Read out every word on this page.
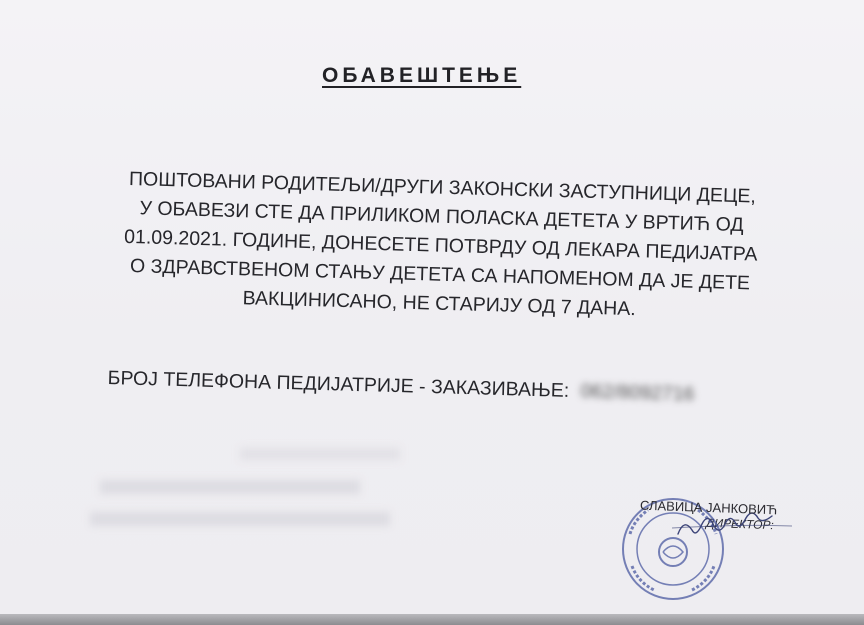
ОБАВЕШТЕЊЕ
ПОШТОВАНИ РОДИТЕЉИ/ДРУГИ ЗАКОНСКИ ЗАСТУПНИЦИ ДЕЦЕ,
У ОБАВЕЗИ СТЕ ДА ПРИЛИКОМ ПОЛАСКА ДЕТЕТА У ВРТИЋ ОД
01.09.2021. ГОДИНЕ, ДОНЕСЕТЕ ПОТВРДУ ОД ЛЕКАРА ПЕДИЈАТРА
О ЗДРАВСТВЕНОМ СТАЊУ ДЕТЕТА СА НАПОМЕНОМ ДА ЈЕ ДЕТЕ
ВАКЦИНИСАНО, НЕ СТАРИЈУ ОД 7 ДАНА.
БРОЈ ТЕЛЕФОНА ПЕДИЈАТРИЈЕ - ЗАКАЗИВАЊЕ: 062/8092716
ДИРЕКТОР:
СЛАВИЦА ЈАНКОВИЋ
